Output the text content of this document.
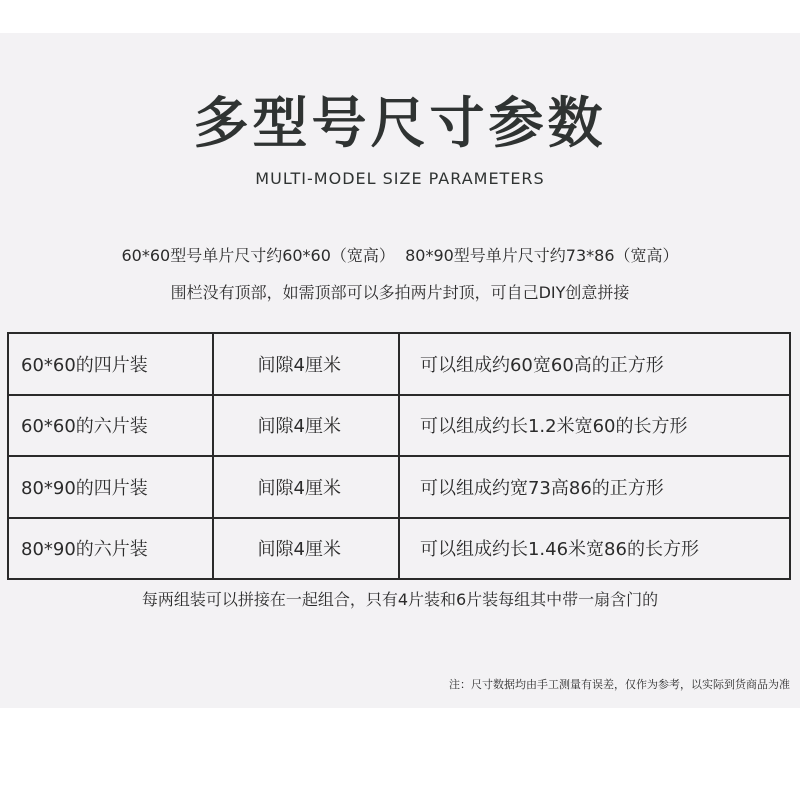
多型号尺寸参数
MULTI-MODEL SIZE PARAMETERS
60*60型号单片尺寸约60*60（宽高）  80*90型号单片尺寸约73*86（宽高）
围栏没有顶部，如需顶部可以多拍两片封顶，可自己DIY创意拼接
60*60的四片装	间隙4厘米	可以组成约60宽60高的正方形
60*60的六片装	间隙4厘米	可以组成约长1.2米宽60的长方形
80*90的四片装	间隙4厘米	可以组成约宽73高86的正方形
80*90的六片装	间隙4厘米	可以组成约长1.46米宽86的长方形
每两组装可以拼接在一起组合，只有4片装和6片装每组其中带一扇含门的
注：尺寸数据均由手工测量有误差，仅作为参考，以实际到货商品为准
